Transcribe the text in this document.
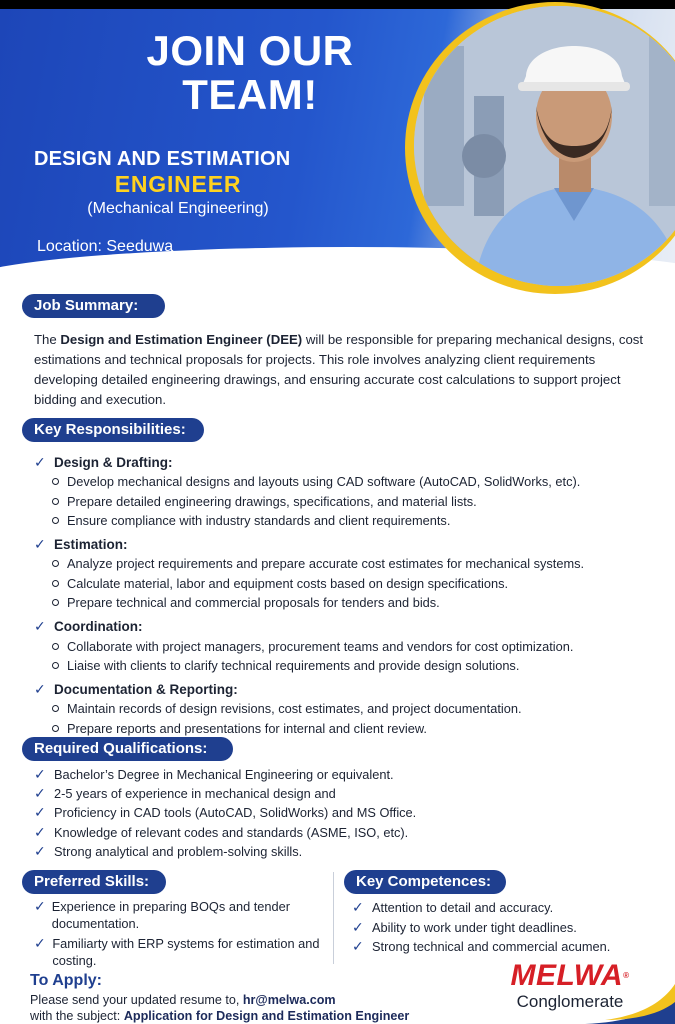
JOIN OUR
TEAM!
DESIGN AND ESTIMATION
ENGINEER
(Mechanical Engineering)
Location: Seeduwa
Job Type: Full-Time
Job Summary:

The Design and Estimation Engineer (DEE) will be responsible for preparing mechanical designs, cost estimations and technical proposals for projects. This role involves analyzing client requirements developing detailed engineering drawings, and ensuring accurate cost calculations to support project bidding and execution.

Key Responsibilities:
✓ Design & Drafting:
Develop mechanical designs and layouts using CAD software (AutoCAD, SolidWorks, etc).
Prepare detailed engineering drawings, specifications, and material lists.
Ensure compliance with industry standards and client requirements.
✓ Estimation:
Analyze project requirements and prepare accurate cost estimates for mechanical systems.
Calculate material, labor and equipment costs based on design specifications.
Prepare technical and commercial proposals for tenders and bids.
✓ Coordination:
Collaborate with project managers, procurement teams and vendors for cost optimization.
Liaise with clients to clarify technical requirements and provide design solutions.
✓ Documentation & Reporting:
Maintain records of design revisions, cost estimates, and project documentation.
Prepare reports and presentations for internal and client review.
Required Qualifications:
✓ Bachelor’s Degree in Mechanical Engineering or equivalent.
✓ 2-5 years of experience in mechanical design and
✓ Proficiency in CAD tools (AutoCAD, SolidWorks) and MS Office.
✓ Knowledge of relevant codes and standards (ASME, ISO, etc).
✓ Strong analytical and problem-solving skills.
Preferred Skills:	Key Competences:
✓ Experience in preparing BOQs and tender documentation.
✓ Familiarty with ERP systems for estimation and costing.
✓ Attention to detail and accuracy.
✓ Ability to work under tight deadlines.
✓ Strong technical and commercial acumen.
To Apply:
Please send your updated resume to, hr@melwa.com
with the subject: Application for Design and Estimation Engineer
MELWA®
Conglomerate
